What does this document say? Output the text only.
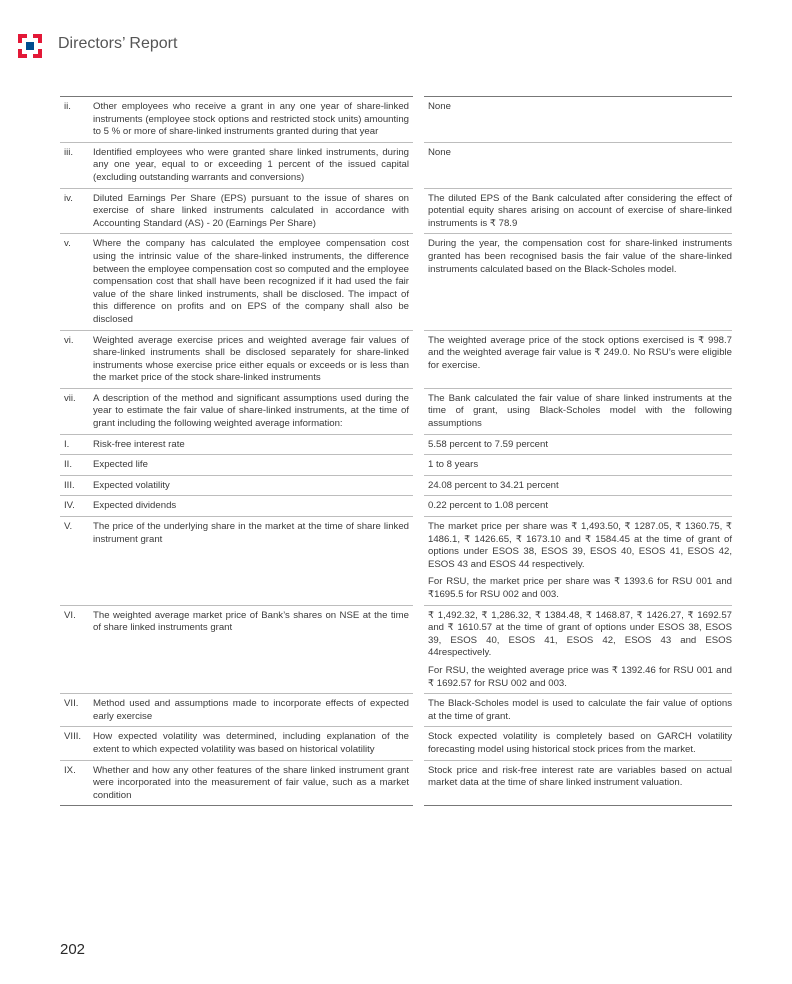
Directors’ Report
ii.	Other employees who receive a grant in any one year of share-linked instruments (employee stock options and restricted stock units) amounting to 5 % or more of share-linked instruments granted during that year		None

iii.	Identified employees who were granted share linked instruments, during any one year, equal to or exceeding 1 percent of the issued capital (excluding outstanding warrants and conversions)		None

iv.	Diluted Earnings Per Share (EPS) pursuant to the issue of shares on exercise of share linked instruments calculated in accordance with Accounting Standard (AS) - 20 (Earnings Per Share)		The diluted EPS of the Bank calculated after considering the effect of potential equity shares arising on account of exercise of share-linked instruments is ₹ 78.9

v.	Where the company has calculated the employee compensation cost using the intrinsic value of the share-linked instruments, the difference between the employee compensation cost so computed and the employee compensation cost that shall have been recognized if it had used the fair value of the share linked instruments, shall be disclosed. The impact of this difference on profits and on EPS of the company shall also be disclosed		During the year, the compensation cost for share-linked instruments granted has been recognised basis the fair value of the share-linked instruments calculated based on the Black-Scholes model.

vi.	Weighted average exercise prices and weighted average fair values of share-linked instruments shall be disclosed separately for share-linked instruments whose exercise price either equals or exceeds or is less than the market price of the stock share-linked instruments		The weighted average price of the stock options exercised is ₹ 998.7 and the weighted average fair value is ₹ 249.0. No RSU’s were eligible for exercise.

vii.	A description of the method and significant assumptions used during the year to estimate the fair value of share-linked instruments, at the time of grant including the following weighted average information:		The Bank calculated the fair value of share linked instruments at the time of grant, using Black-Scholes model with the following assumptions

I.	Risk-free interest rate		5.58 percent to 7.59 percent

II.	Expected life		1 to 8 years

III.	Expected volatility		24.08 percent to 34.21 percent

IV.	Expected dividends		0.22 percent to 1.08 percent

V.	The price of the underlying share in the market at the time of share linked instrument grant		The market price per share was ₹ 1,493.50, ₹ 1287.05, ₹ 1360.75, ₹ 1486.1, ₹ 1426.65, ₹ 1673.10 and ₹ 1584.45 at the time of grant of options under ESOS 38, ESOS 39, ESOS 40, ESOS 41, ESOS 42, ESOS 43 and ESOS 44 respectively.
For RSU, the market price per share was ₹ 1393.6 for RSU 001 and ₹1695.5 for RSU 002 and 003.

VI.	The weighted average market price of Bank’s shares on NSE at the time of share linked instruments grant		₹ 1,492.32, ₹ 1,286.32, ₹ 1384.48, ₹ 1468.87, ₹ 1426.27, ₹ 1692.57 and ₹ 1610.57 at the time of grant of options under ESOS 38, ESOS 39, ESOS 40, ESOS 41, ESOS 42, ESOS 43 and ESOS 44respectively.
For RSU, the weighted average price was ₹ 1392.46 for RSU 001 and ₹ 1692.57 for RSU 002 and 003.

VII.	Method used and assumptions made to incorporate effects of expected early exercise		The Black-Scholes model is used to calculate the fair value of options at the time of grant.

VIII.	How expected volatility was determined, including explanation of the extent to which expected volatility was based on historical volatility		Stock expected volatility is completely based on GARCH volatility forecasting model using historical stock prices from the market.

IX.	Whether and how any other features of the share linked instrument grant were incorporated into the measurement of fair value, such as a market condition		Stock price and risk-free interest rate are variables based on actual market data at the time of share linked instrument valuation.
202
